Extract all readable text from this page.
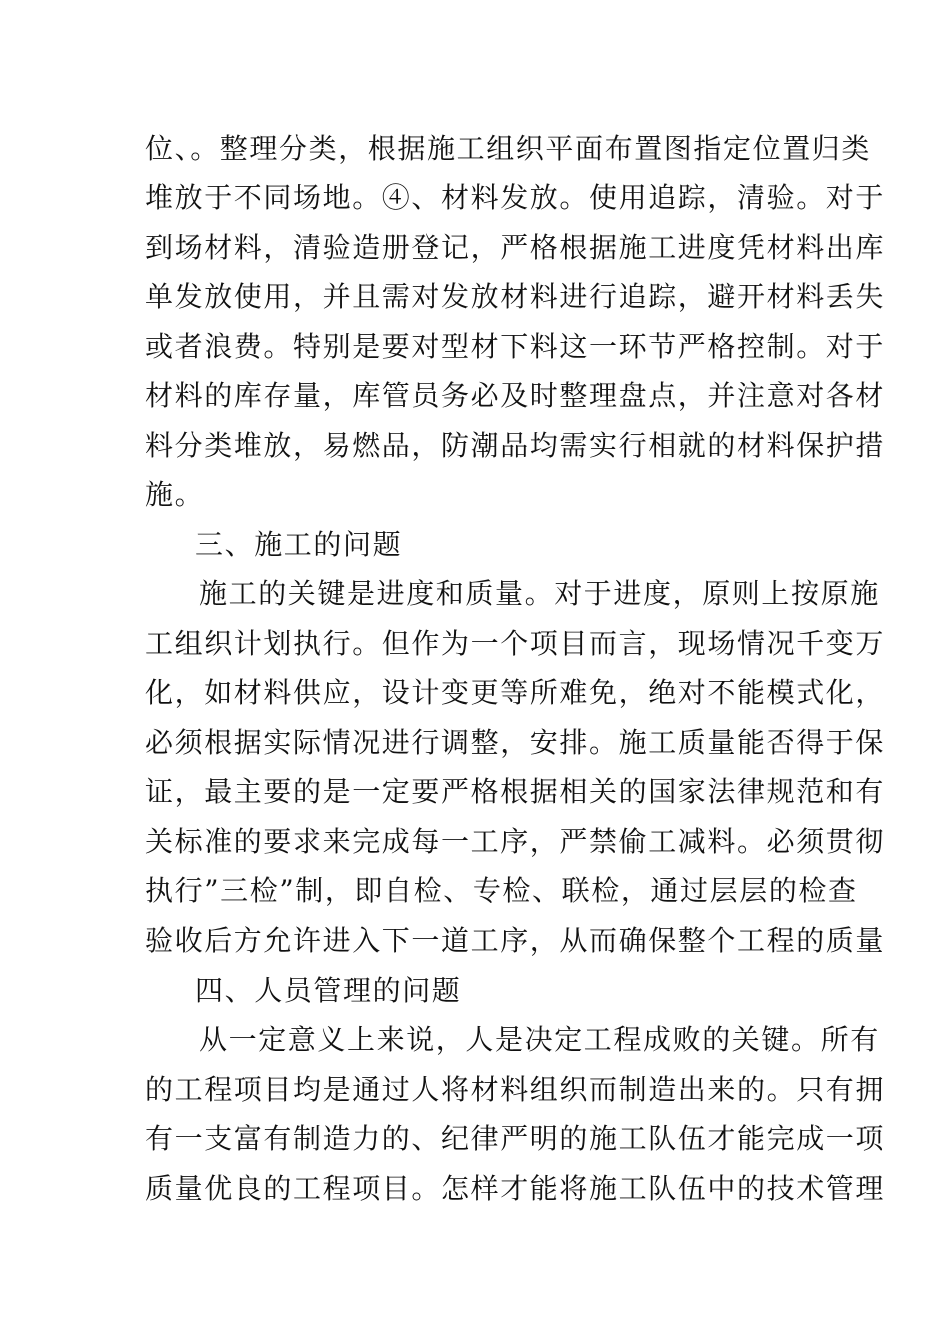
位、。整理分类，根据施工组织平面布置图指定位置归类
堆放于不同场地。④、材料发放。使用追踪，清验。对于
到场材料，清验造册登记，严格根据施工进度凭材料出库
单发放使用，并且需对发放材料进行追踪，避开材料丢失
或者浪费。特别是要对型材下料这一环节严格控制。对于
材料的库存量，库管员务必及时整理盘点，并注意对各材
料分类堆放，易燃品，防潮品均需实行相就的材料保护措
施。
三、施工的问题
施工的关键是进度和质量。对于进度，原则上按原施
工组织计划执行。但作为一个项目而言，现场情况千变万
化，如材料供应，设计变更等所难免，绝对不能模式化，
必须根据实际情况进行调整，安排。施工质量能否得于保
证，最主要的是一定要严格根据相关的国家法律规范和有
关标准的要求来完成每一工序，严禁偷工减料。必须贯彻
执行”三检”制，即自检、专检、联检，通过层层的检查
验收后方允许进入下一道工序，从而确保整个工程的质量
四、人员管理的问题
从一定意义上来说，人是决定工程成败的关键。所有
的工程项目均是通过人将材料组织而制造出来的。只有拥
有一支富有制造力的、纪律严明的施工队伍才能完成一项
质量优良的工程项目。怎样才能将施工队伍中的技术管理
